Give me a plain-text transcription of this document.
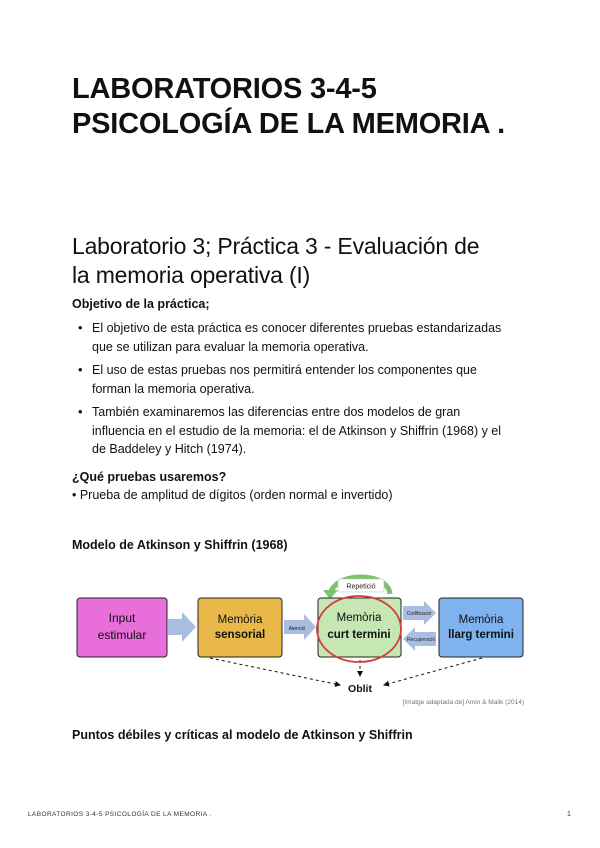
LABORATORIOS 3-4-5
PSICOLOGÍA DE LA MEMORIA .
Laboratorio 3; Práctica 3 - Evaluación de
la memoria operativa (I)

Objetivo de la práctica;

• El objetivo de esta práctica es conocer diferentes pruebas estandarizadas
que se utilizan para evaluar la memoria operativa.
• El uso de estas pruebas nos permitirá entender los componentes que
forman la memoria operativa.
• También examinaremos las diferencias entre dos modelos de gran
influencia en el estudio de la memoria: el de Atkinson y Shiffrin (1968) y el
de Baddeley y Hitch (1974).

¿Qué pruebas usaremos?

• Prueba de amplitud de dígitos (orden normal e invertido)

Modelo de Atkinson y Shiffrin (1968)

Repetició
Input
estimular
Memòria
sensorial
Memòria
curt termini
Memòria
llarg termini
Atenció
Codificació
Recuperació
Oblit
[Imatge adaptada de] Amin & Malik (2014)

Puntos débiles y críticas al modelo de Atkinson y Shiffrin

LABORATORIOS 3-4-5 PSICOLOGÍA DE LA MEMORIA .	1
